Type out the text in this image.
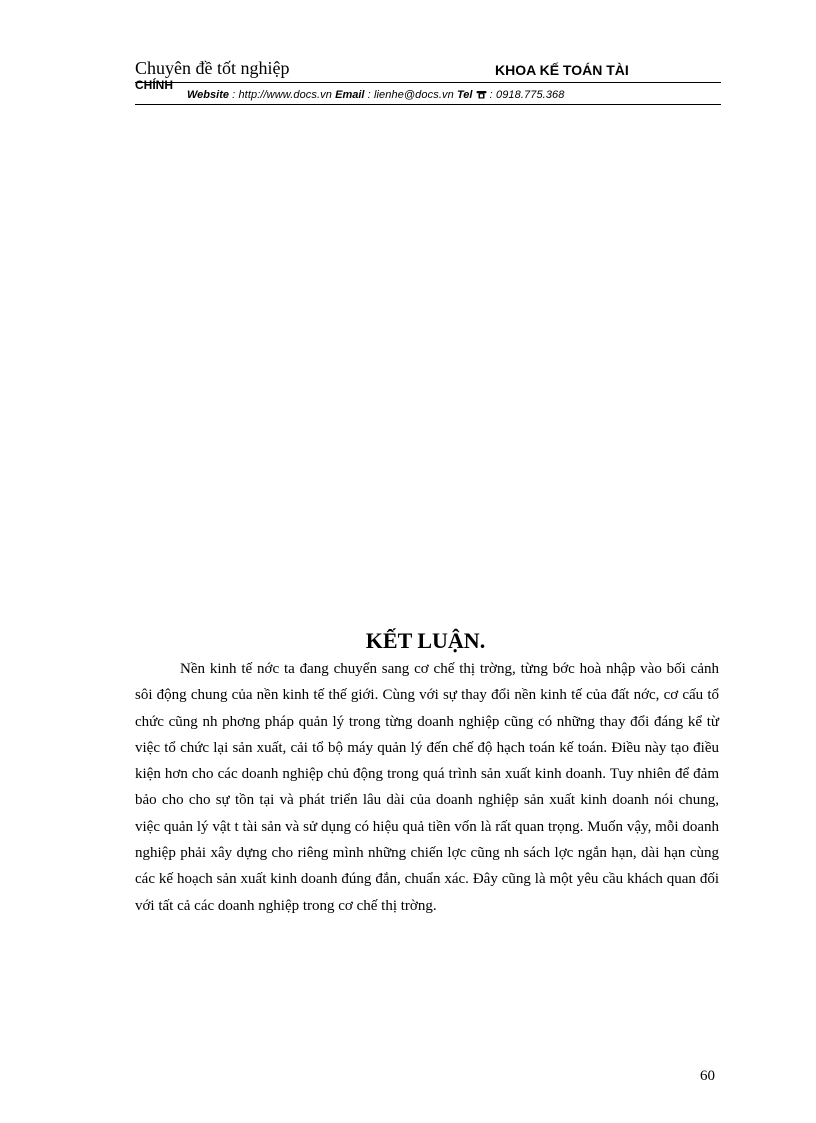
Chuyên đề tốt nghiệp	KHOA KẾ TOÁN TÀI
CHÍNH
Website : http://www.docs.vn Email : lienhe@docs.vn Tel  : 0918.775.368
KẾT LUẬN.

Nền kinh tế nớc ta đang chuyển sang cơ chế thị trờng, từng bớc hoà nhập vào bối cảnh sôi động chung của nền kinh tế thế giới. Cùng với sự thay đổi nền kinh tế của đất nớc, cơ cấu tổ chức cũng nh phơng pháp quản lý trong từng doanh nghiệp cũng có những thay đổi đáng kể từ việc tổ chức lại sản xuất, cải tổ bộ máy quản lý đến chế độ hạch toán kế toán. Điều này tạo điều kiện hơn cho các doanh nghiệp chủ động trong quá trình sản xuất kinh doanh. Tuy nhiên để đảm bảo cho cho sự tồn tại và phát triển lâu dài của doanh nghiệp sản xuất kinh doanh nói chung, việc quản lý vật t tài sản và sử dụng có hiệu quả tiền vốn là rất quan trọng. Muốn vậy, mỗi doanh nghiệp phải xây dựng cho riêng mình những chiến lợc cũng nh sách lợc ngắn hạn, dài hạn cùng các kế hoạch sản xuất kinh doanh đúng đắn, chuẩn xác. Đây cũng là một yêu cầu khách quan đối với tất cả các doanh nghiệp trong cơ chế thị trờng.

60
